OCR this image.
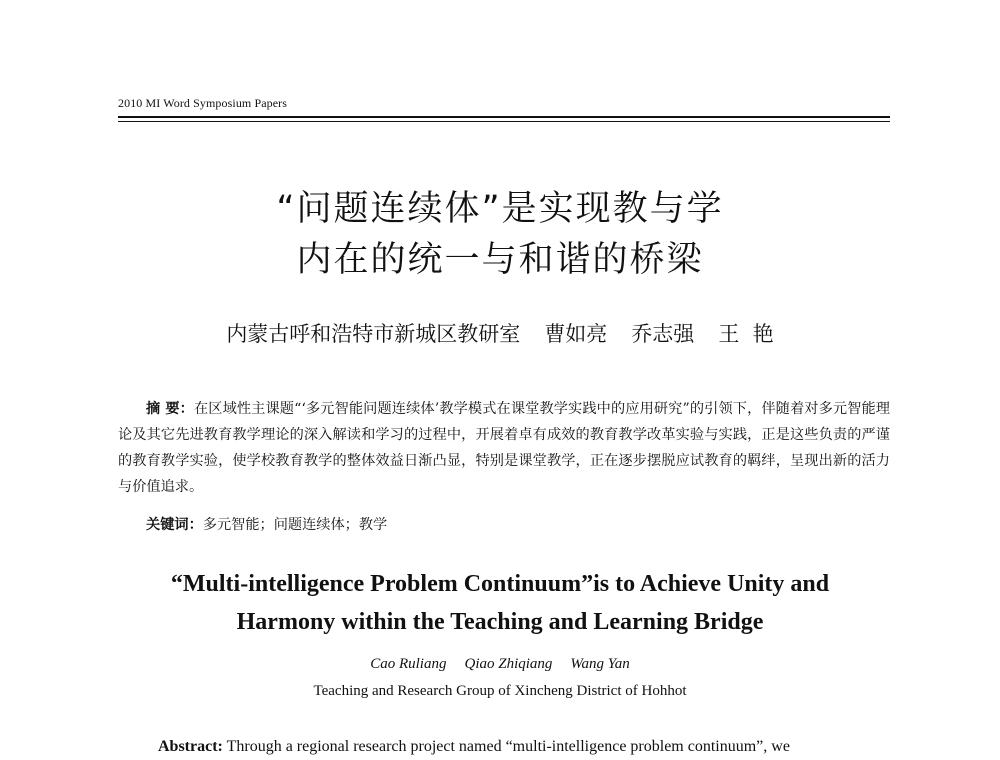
2010 MI Word Symposium Papers
“问题连续体”是实现教与学
内在的统一与和谐的桥梁
内蒙古呼和浩特市新城区教研室 曹如亮 乔志强 王  艳
摘 要：在区域性主课题“‘多元智能问题连续体’教学模式在课堂教学实践中的应用研究”的引领下，伴随着对多元智能理论及其它先进教育教学理论的深入解读和学习的过程中，开展着卓有成效的教育教学改革实验与实践，正是这些负责的严谨的教育教学实验，使学校教育教学的整体效益日渐凸显，特别是课堂教学，正在逐步摆脱应试教育的羁绊，呈现出新的活力与价值追求。
关键词：多元智能；问题连续体；教学
“Multi-intelligence Problem Continuum”is to Achieve Unity and
Harmony within the Teaching and Learning Bridge
Cao Ruliang Qiao Zhiqiang Wang Yan
Teaching and Research Group of Xincheng District of Hohhot
Abstract: Through a regional research project named “multi-intelligence problem continuum”, we
